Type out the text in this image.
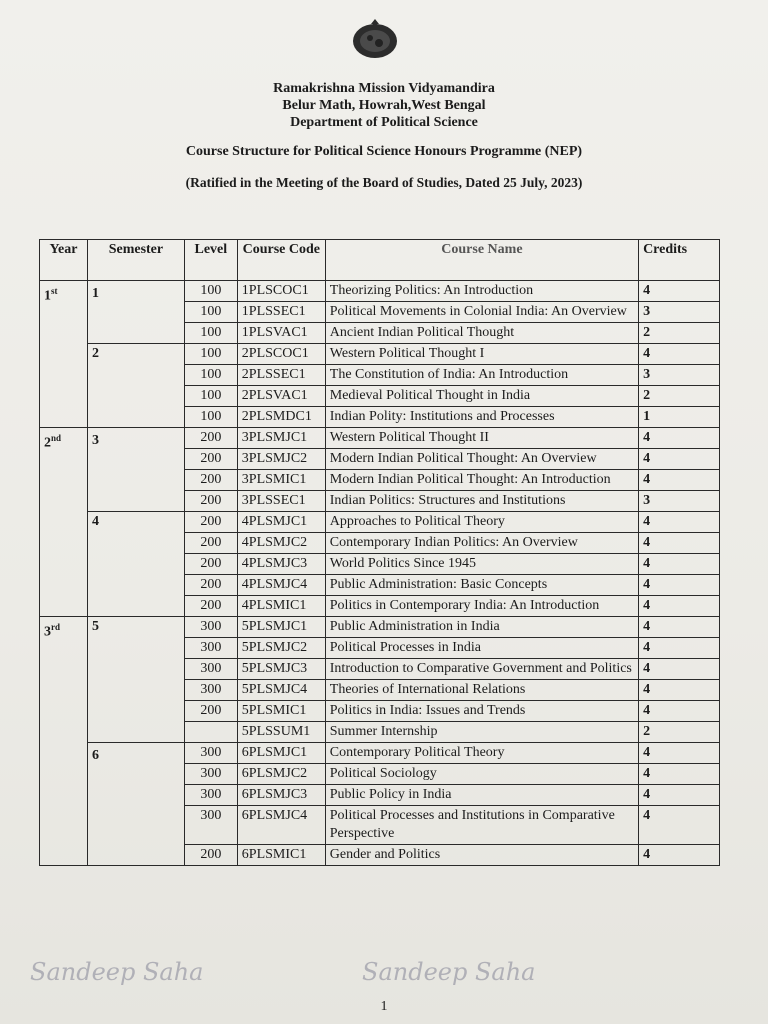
Ramakrishna Mission Vidyamandira
Belur Math, Howrah,West Bengal
Department of Political Science
Course Structure for Political Science Honours Programme (NEP)
(Ratified in the Meeting of the Board of Studies, Dated 25 July, 2023)
Year	Semester	Level	Course Code	Course Name	Credits
1st	1	100	1PLSCOC1	Theorizing Politics: An Introduction	4
		100	1PLSSEC1	Political Movements in Colonial India: An Overview	3
		100	1PLSVAC1	Ancient Indian Political Thought	2
	2	100	2PLSCOC1	Western Political Thought I	4
		100	2PLSSEC1	The Constitution of India: An Introduction	3
		100	2PLSVAC1	Medieval Political Thought in India	2
		100	2PLSMDC1	Indian Polity: Institutions and Processes	1
2nd	3	200	3PLSMJC1	Western Political Thought II	4
		200	3PLSMJC2	Modern Indian Political Thought: An Overview	4
		200	3PLSMIC1	Modern Indian Political Thought: An Introduction	4
		200	3PLSSEC1	Indian Politics: Structures and Institutions	3
	4	200	4PLSMJC1	Approaches to Political Theory	4
		200	4PLSMJC2	Contemporary Indian Politics: An Overview	4
		200	4PLSMJC3	World Politics Since 1945	4
		200	4PLSMJC4	Public Administration: Basic Concepts	4
		200	4PLSMIC1	Politics in Contemporary India: An Introduction	4
3rd	5	300	5PLSMJC1	Public Administration in India	4
		300	5PLSMJC2	Political Processes in India	4
		300	5PLSMJC3	Introduction to Comparative Government and Politics	4
		300	5PLSMJC4	Theories of International Relations	4
		200	5PLSMIC1	Politics in India: Issues and Trends	4
			5PLSSUM1	Summer Internship	2
	6	300	6PLSMJC1	Contemporary Political Theory	4
		300	6PLSMJC2	Political Sociology	4
		300	6PLSMJC3	Public Policy in India	4
		300	6PLSMJC4	Political Processes and Institutions in Comparative Perspective	4
		200	6PLSMIC1	Gender and Politics	4
Sandeep Saha	Sandeep Saha
1
